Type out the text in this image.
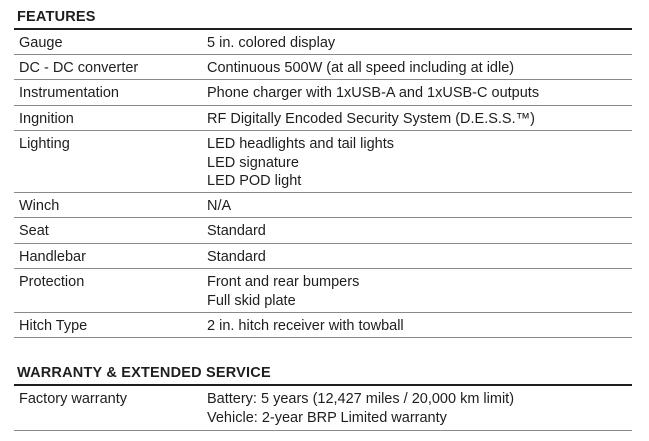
FEATURES
Gauge	5 in. colored display
DC - DC converter	Continuous 500W (at all speed including at idle)
Instrumentation	Phone charger with 1xUSB-A and 1xUSB-C outputs
Ingnition	RF Digitally Encoded Security System (D.E.S.S.™)
Lighting	LED headlights and tail lights
LED signature
LED POD light
Winch	N/A
Seat	Standard
Handlebar	Standard
Protection	Front and rear bumpers
Full skid plate
Hitch Type	2 in. hitch receiver with towball
WARRANTY & EXTENDED SERVICE
Factory warranty	Battery: 5 years (12,427 miles / 20,000 km limit)
Vehicle: 2-year BRP Limited warranty
